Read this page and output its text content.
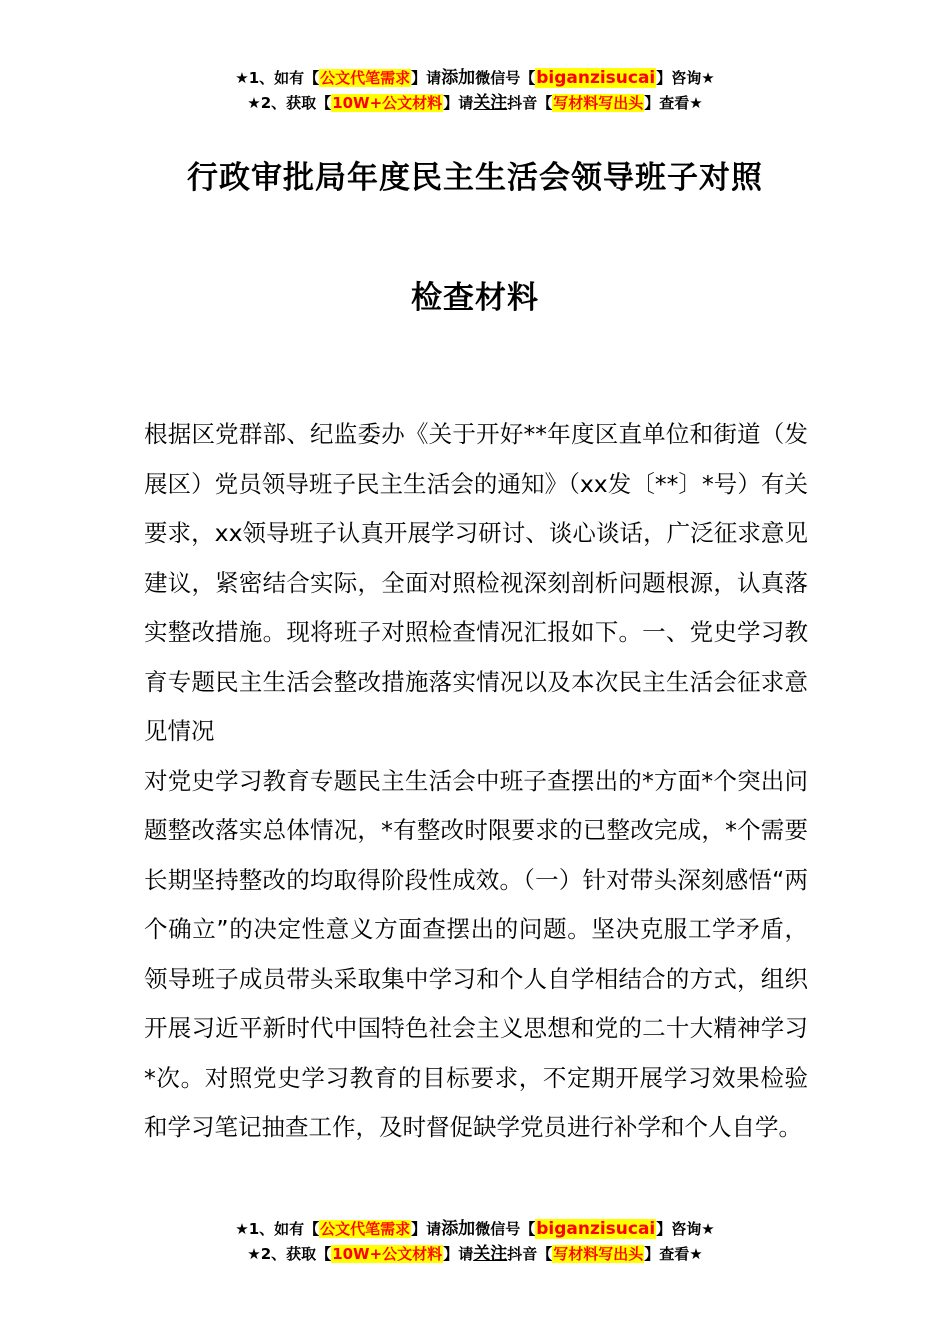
★1、如有【公文代笔需求】请添加微信号【biganzisucai】咨询★
★2、获取【10W+公文材料】请关注抖音【写材料写出头】查看★
行政审批局年度民主生活会领导班子对照
检查材料

根据区党群部、纪监委办《关于开好**年度区直单位和街道（发展区）党员领导班子民主生活会的通知》（xx发〔**〕*号）有关要求，xx领导班子认真开展学习研讨、谈心谈话，广泛征求意见建议，紧密结合实际，全面对照检视深刻剖析问题根源，认真落实整改措施。现将班子对照检查情况汇报如下。一、党史学习教育专题民主生活会整改措施落实情况以及本次民主生活会征求意见情况

对党史学习教育专题民主生活会中班子查摆出的*方面*个突出问题整改落实总体情况，*有整改时限要求的已整改完成，*个需要长期坚持整改的均取得阶段性成效。（一）针对带头深刻感悟“两个确立”的决定性意义方面查摆出的问题。坚决克服工学矛盾，领导班子成员带头采取集中学习和个人自学相结合的方式，组织开展习近平新时代中国特色社会主义思想和党的二十大精神学习*次。对照党史学习教育的目标要求，不定期开展学习效果检验和学习笔记抽查工作，及时督促缺学党员进行补学和个人自学。

★1、如有【公文代笔需求】请添加微信号【biganzisucai】咨询★
★2、获取【10W+公文材料】请关注抖音【写材料写出头】查看★
